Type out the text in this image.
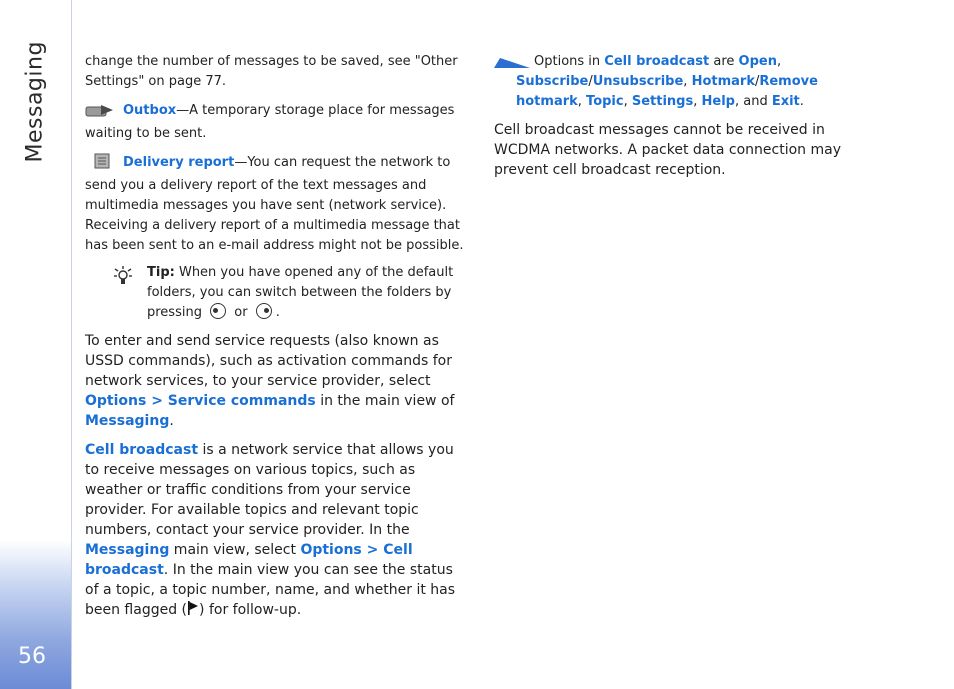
Messaging
56

change the number of messages to be saved, see "Other Settings" on page 77.

Outbox—A temporary storage place for messages waiting to be sent.

Delivery report—You can request the network to send you a delivery report of the text messages and multimedia messages you have sent (network service). Receiving a delivery report of a multimedia message that has been sent to an e-mail address might not be possible.

Tip: When you have opened any of the default folders, you can switch between the folders by pressing or .

To enter and send service requests (also known as USSD commands), such as activation commands for network services, to your service provider, select Options > Service commands in the main view of Messaging.

Cell broadcast is a network service that allows you to receive messages on various topics, such as weather or traffic conditions from your service provider. For available topics and relevant topic numbers, contact your service provider. In the Messaging main view, select Options > Cell broadcast. In the main view you can see the status of a topic, a topic number, name, and whether it has been flagged ( ) for follow-up.

Options in Cell broadcast are Open, Subscribe/Unsubscribe, Hotmark/Remove hotmark, Topic, Settings, Help, and Exit.

Cell broadcast messages cannot be received in WCDMA networks. A packet data connection may prevent cell broadcast reception.
